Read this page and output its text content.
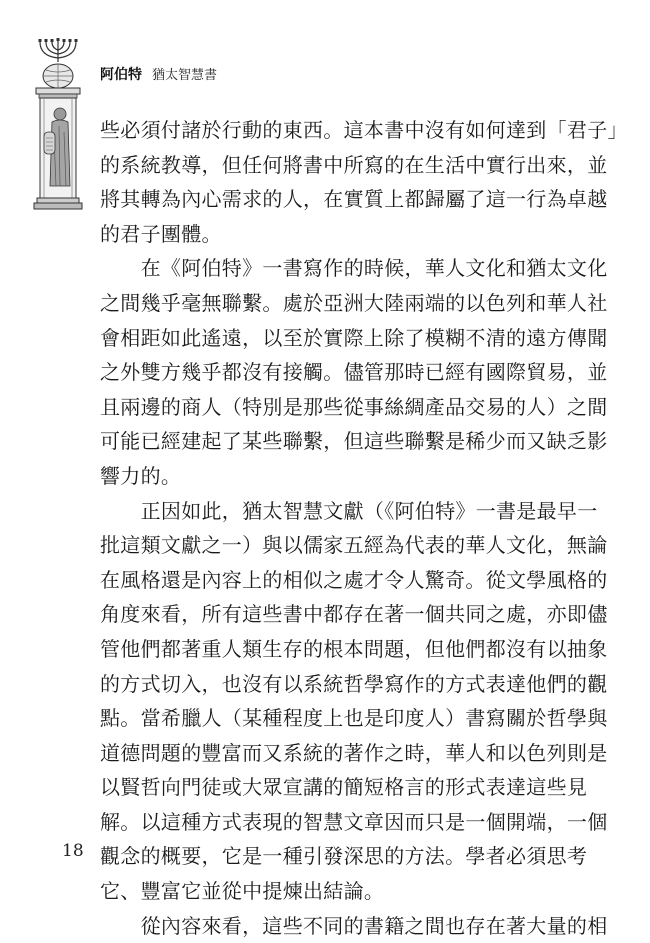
阿伯特 猶太智慧書
些必須付諸於行動的東西。這本書中沒有如何達到「君子」
的系統教導，但任何將書中所寫的在生活中實行出來，並
將其轉為內心需求的人，在實質上都歸屬了這一行為卓越
的君子團體。
　　在《阿伯特》一書寫作的時候，華人文化和猶太文化
之間幾乎毫無聯繫。處於亞洲大陸兩端的以色列和華人社
會相距如此遙遠，以至於實際上除了模糊不清的遠方傳聞
之外雙方幾乎都沒有接觸。儘管那時已經有國際貿易，並
且兩邊的商人（特別是那些從事絲綢產品交易的人）之間
可能已經建起了某些聯繫，但這些聯繫是稀少而又缺乏影
響力的。
　　正因如此，猶太智慧文獻（《阿伯特》一書是最早一
批這類文獻之一）與以儒家五經為代表的華人文化，無論
在風格還是內容上的相似之處才令人驚奇。從文學風格的
角度來看，所有這些書中都存在著一個共同之處，亦即儘
管他們都著重人類生存的根本問題，但他們都沒有以抽象
的方式切入，也沒有以系統哲學寫作的方式表達他們的觀
點。當希臘人（某種程度上也是印度人）書寫關於哲學與
道德問題的豐富而又系統的著作之時，華人和以色列則是
以賢哲向門徒或大眾宣講的簡短格言的形式表達這些見
解。以這種方式表現的智慧文章因而只是一個開端，一個
觀念的概要，它是一種引發深思的方法。學者必須思考
它、豐富它並從中提煉出結論。
　　從內容來看，這些不同的書籍之間也存在著大量的相
18
